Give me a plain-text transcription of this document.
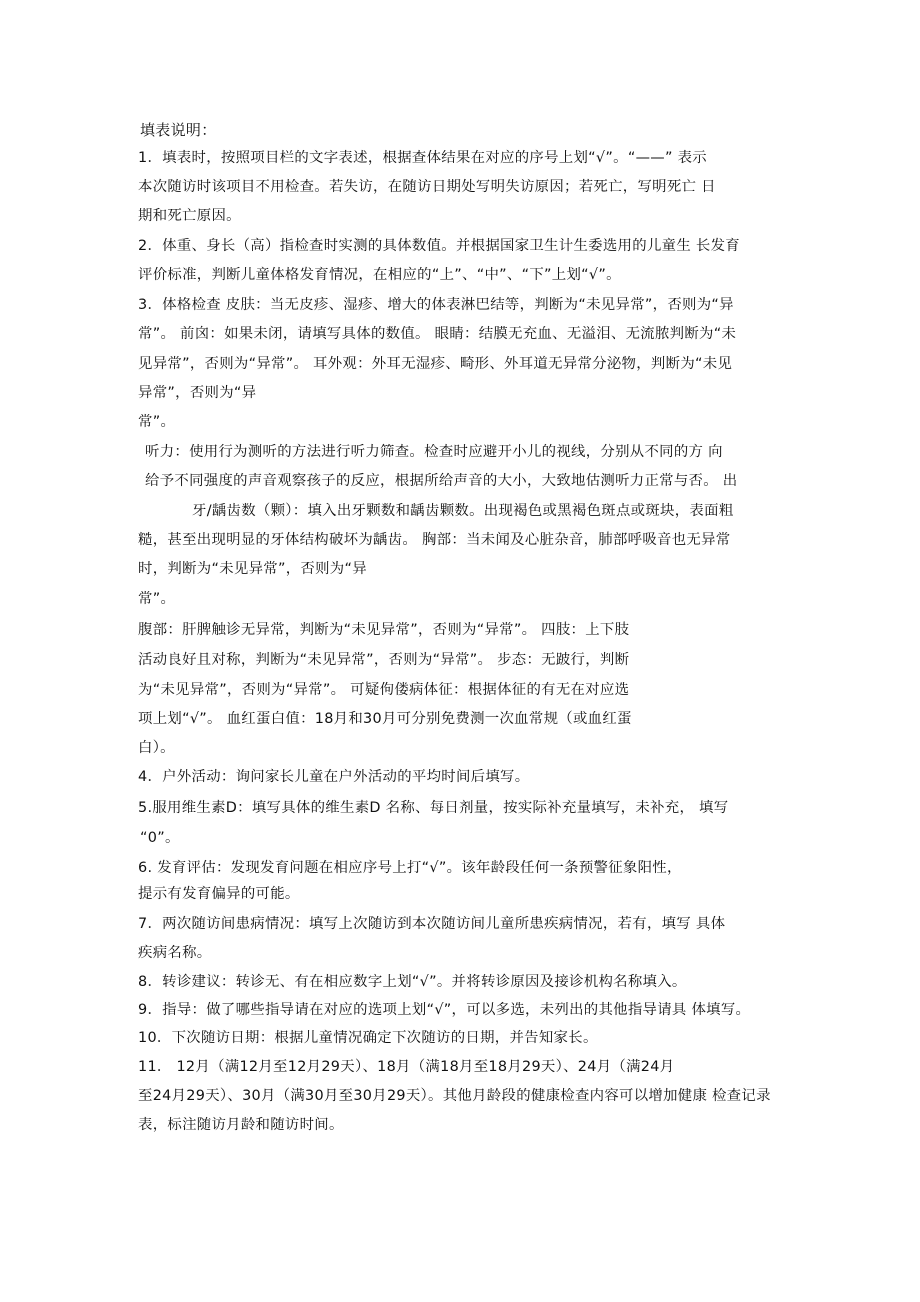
填表说明：
1．填表时，按照项目栏的文字表述，根据查体结果在对应的序号上划“√”。“——” 表示
本次随访时该项目不用检查。若失访，在随访日期处写明失访原因；若死亡，写明死亡 日
期和死亡原因。
2．体重、身长（高）指检查时实测的具体数值。并根据国家卫生计生委选用的儿童生 长发育
评价标准，判断儿童体格发育情况，在相应的“上”、“中”、“下”上划“√”。
3．体格检查 皮肤：当无皮疹、湿疹、增大的体表淋巴结等，判断为“未见异常”，否则为“异
常”。 前囟：如果未闭，请填写具体的数值。 眼睛：结膜无充血、无溢泪、无流脓判断为“未
见异常”，否则为“异常”。 耳外观：外耳无湿疹、畸形、外耳道无异常分泌物，判断为“未见
异常”，否则为“异
常”。
听力：使用行为测听的方法进行听力筛查。检查时应避开小儿的视线，分别从不同的方 向
给予不同强度的声音观察孩子的反应，根据所给声音的大小，大致地估测听力正常与否。 出
牙/龋齿数（颗）：填入出牙颗数和龋齿颗数。出现褐色或黑褐色斑点或斑块，表面粗
糙，甚至出现明显的牙体结构破坏为龋齿。 胸部：当未闻及心脏杂音，肺部呼吸音也无异常
时，判断为“未见异常”，否则为“异
常”。
腹部：肝脾触诊无异常，判断为“未见异常”，否则为“异常”。 四肢：上下肢
活动良好且对称，判断为“未见异常”，否则为“异常”。 步态：无跛行，判断
为“未见异常”，否则为“异常”。 可疑佝偻病体征：根据体征的有无在对应选
项上划“√”。 血红蛋白值：18月和30月可分别免费测一次血常规（或血红蛋
白）。
4．户外活动：询问家长儿童在户外活动的平均时间后填写。
5.服用维生素D：填写具体的维生素D 名称、每日剂量，按实际补充量填写，未补充， 填写
“0”。
6. 发育评估：发现发育问题在相应序号上打“√”。该年龄段任何一条预警征象阳性，
提示有发育偏异的可能。
7．两次随访间患病情况：填写上次随访到本次随访间儿童所患疾病情况，若有，填写 具体
疾病名称。
8．转诊建议：转诊无、有在相应数字上划“√”。并将转诊原因及接诊机构名称填入。
9．指导：做了哪些指导请在对应的选项上划“√”，可以多选，未列出的其他指导请具 体填写。
10．下次随访日期：根据儿童情况确定下次随访的日期，并告知家长。
11． 12月（满12月至12月29天）、18月（满18月至18月29天）、24月（满24月
至24月29天）、30月（满30月至30月29天）。其他月龄段的健康检查内容可以增加健康 检查记录
表，标注随访月龄和随访时间。
